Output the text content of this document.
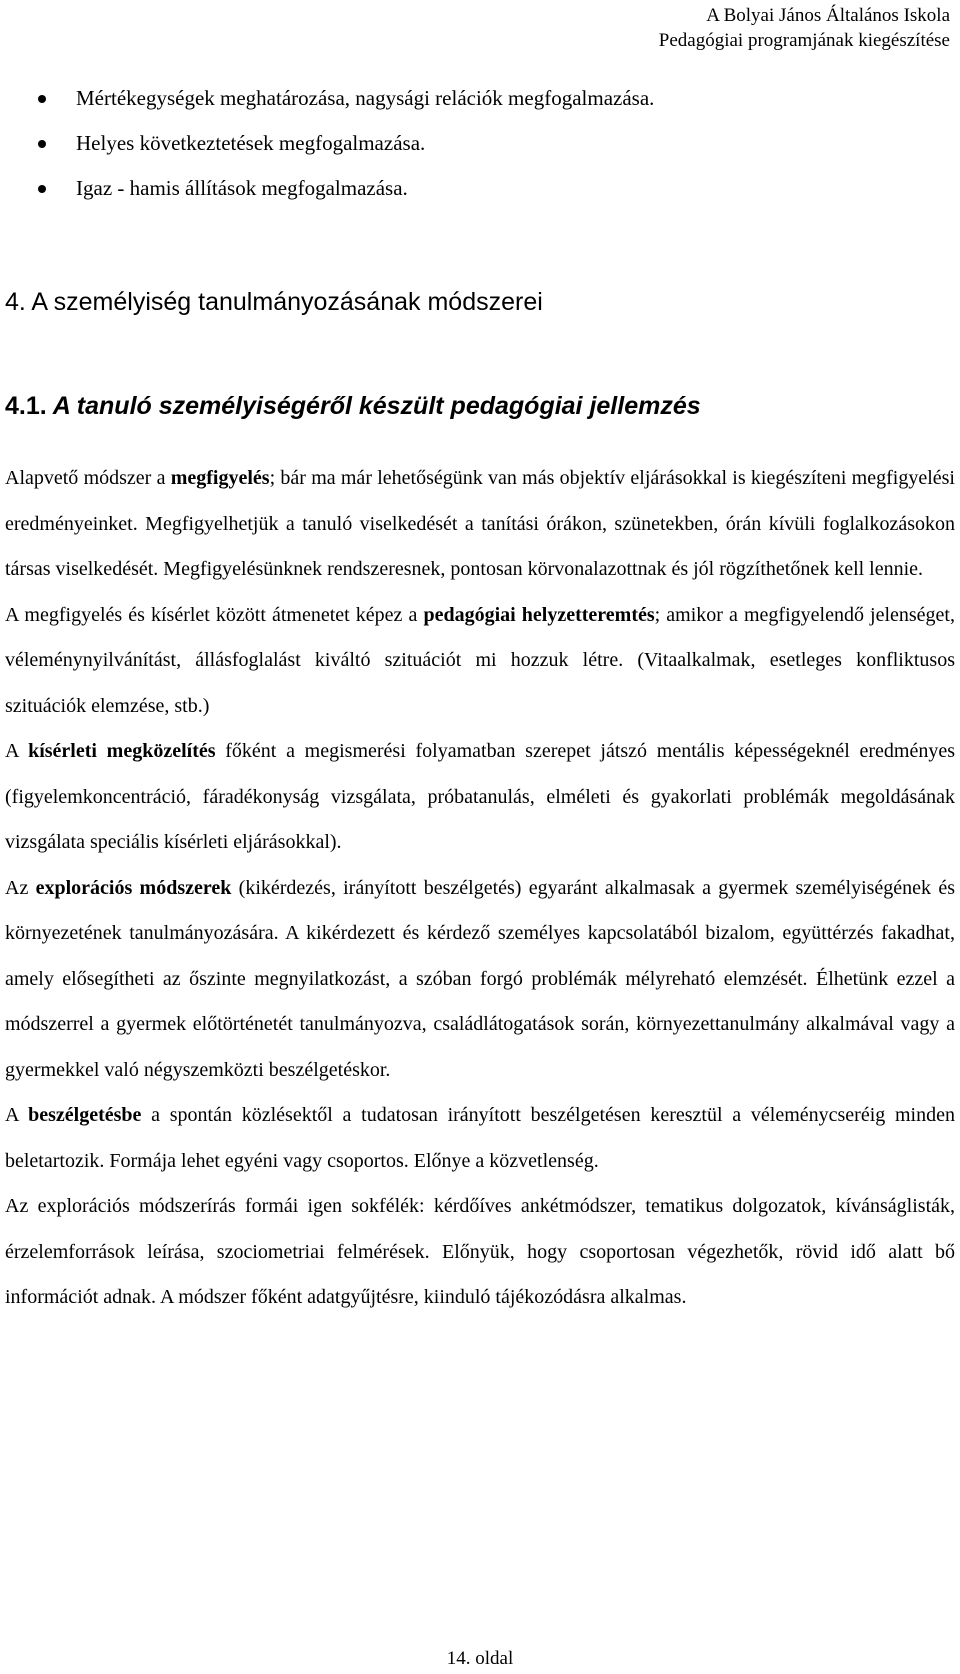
A Bolyai János Általános Iskola
Pedagógiai programjának kiegészítése
Mértékegységek meghatározása, nagysági relációk megfogalmazása.
Helyes következtetések megfogalmazása.
Igaz - hamis állítások megfogalmazása.
4. A személyiség tanulmányozásának módszerei
4.1. A tanuló személyiségéről készült pedagógiai jellemzés

Alapvető módszer a megfigyelés; bár ma már lehetőségünk van más objektív eljárásokkal is kiegészíteni megfigyelési eredményeinket. Megfigyelhetjük a tanuló viselkedését a tanítási órákon, szünetekben, órán kívüli foglalkozásokon társas viselkedését. Megfigyelésünknek rendszeresnek, pontosan körvonalazottnak és jól rögzíthetőnek kell lennie.

A megfigyelés és kísérlet között átmenetet képez a pedagógiai helyzetteremtés; amikor a megfigyelendő jelenséget, véleménynyilvánítást, állásfoglalást kiváltó szituációt mi hozzuk létre. (Vitaalkalmak, esetleges konfliktusos szituációk elemzése, stb.)

A kísérleti megközelítés főként a megismerési folyamatban szerepet játszó mentális képességeknél eredményes (figyelemkoncentráció, fáradékonyság vizsgálata, próbatanulás, elméleti és gyakorlati problémák megoldásának vizsgálata speciális kísérleti eljárásokkal).

Az explorációs módszerek (kikérdezés, irányított beszélgetés) egyaránt alkalmasak a gyermek személyiségének és környezetének tanulmányozására. A kikérdezett és kérdező személyes kapcsolatából bizalom, együttérzés fakadhat, amely elősegítheti az őszinte megnyilatkozást, a szóban forgó problémák mélyreható elemzését. Élhetünk ezzel a módszerrel a gyermek előtörténetét tanulmányozva, családlátogatások során, környezettanulmány alkalmával vagy a gyermekkel való négyszemközti beszélgetéskor.

A beszélgetésbe a spontán közlésektől a tudatosan irányított beszélgetésen keresztül a véleménycseréig minden beletartozik. Formája lehet egyéni vagy csoportos. Előnye a közvetlenség.

Az explorációs módszerírás formái igen sokfélék: kérdőíves ankétmódszer, tematikus dolgozatok, kívánságlisták, érzelemforrások leírása, szociometriai felmérések. Előnyük, hogy csoportosan végezhetők, rövid idő alatt bő információt adnak. A módszer főként adatgyűjtésre, kiinduló tájékozódásra alkalmas.

14. oldal
